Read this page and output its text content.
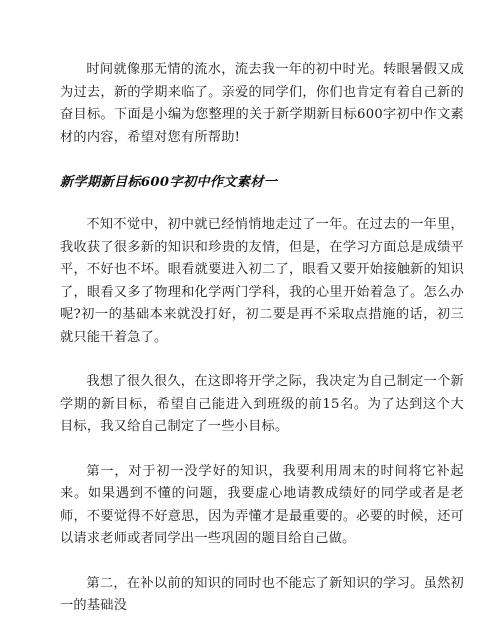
时间就像那无情的流水，流去我一年的初中时光。转眼暑假又成为过去，新的学期来临了。亲爱的同学们，你们也肯定有着自己新的奋目标。下面是小编为您整理的关于新学期新目标600字初中作文素材的内容，希望对您有所帮助!

新学期新目标600字初中作文素材一

不知不觉中，初中就已经悄悄地走过了一年。在过去的一年里，我收获了很多新的知识和珍贵的友情，但是，在学习方面总是成绩平平，不好也不坏。眼看就要进入初二了，眼看又要开始接触新的知识了，眼看又多了物理和化学两门学科，我的心里开始着急了。怎么办呢?初一的基础本来就没打好，初二要是再不采取点措施的话，初三就只能干着急了。

我想了很久很久，在这即将开学之际，我决定为自己制定一个新学期的新目标，希望自己能进入到班级的前15名。为了达到这个大目标，我又给自己制定了一些小目标。

第一，对于初一没学好的知识，我要利用周末的时间将它补起来。如果遇到不懂的问题，我要虚心地请教成绩好的同学或者是老师，不要觉得不好意思，因为弄懂才是最重要的。必要的时候，还可以请求老师或者同学出一些巩固的题目给自己做。

第二，在补以前的知识的同时也不能忘了新知识的学习。虽然初一的基础没
